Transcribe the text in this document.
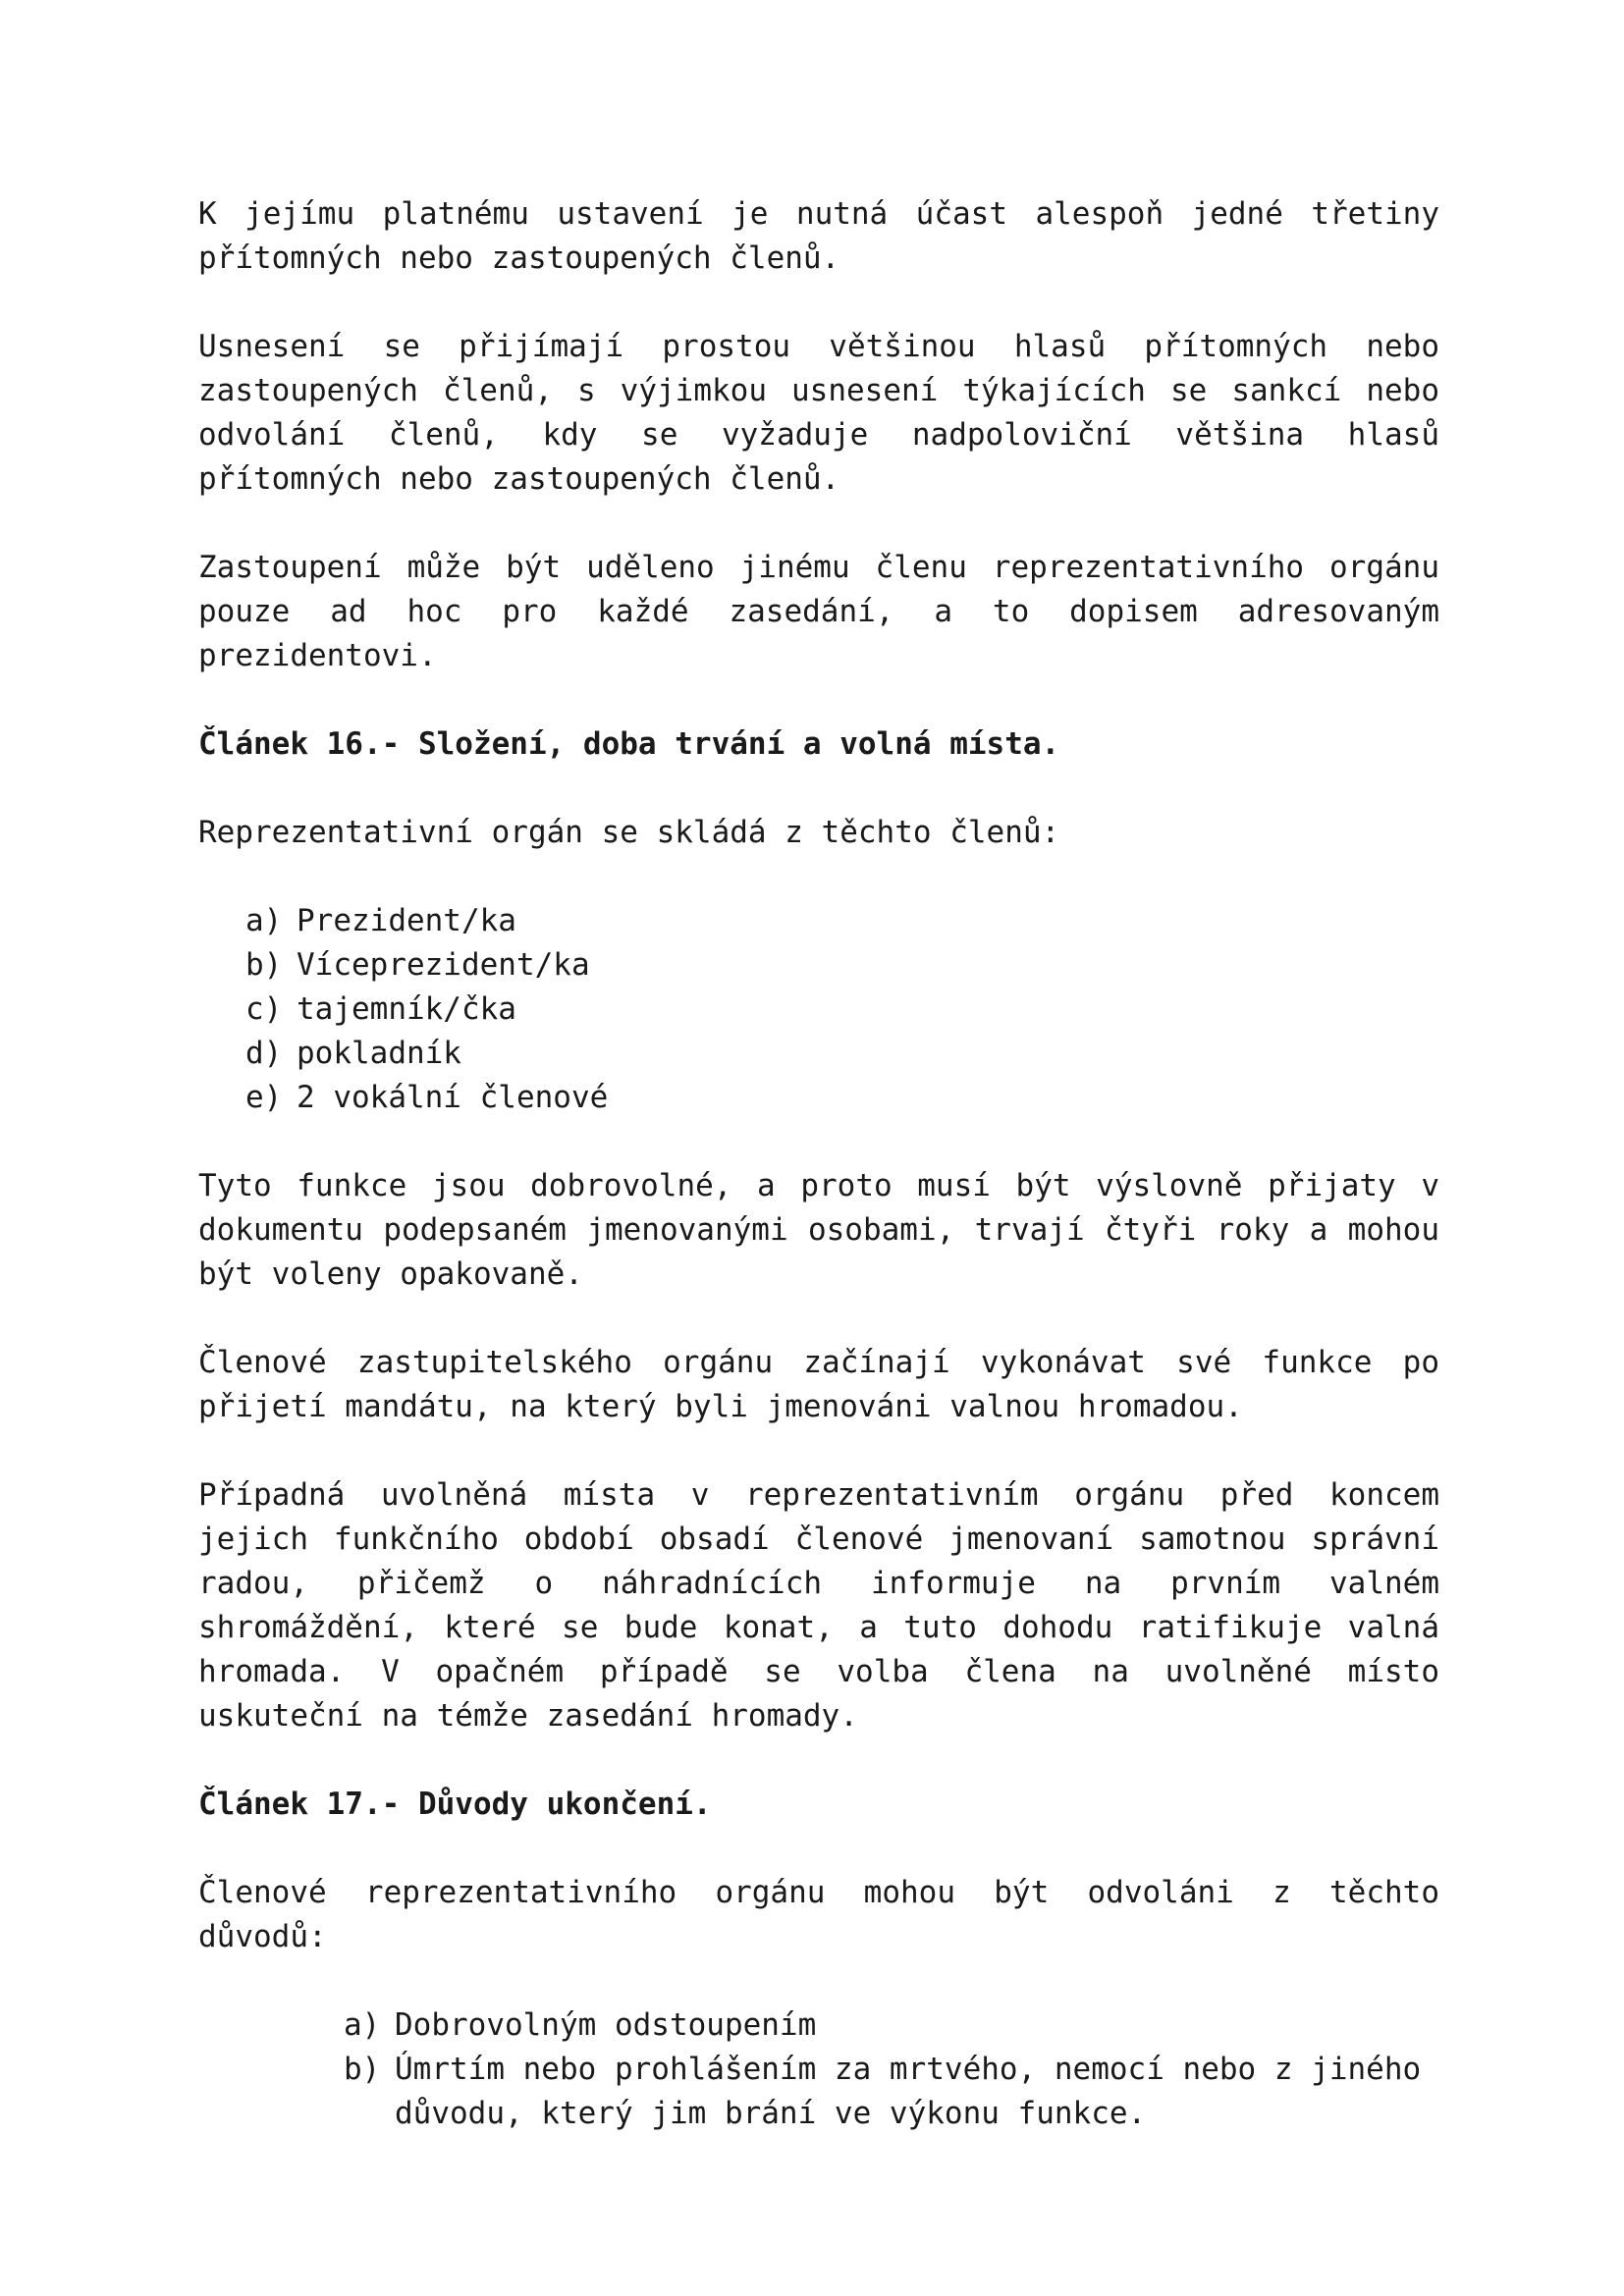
K jejímu platnému ustavení je nutná účast alespoň jedné třetiny přítomných nebo zastoupených členů.

Usnesení se přijímají prostou většinou hlasů přítomných nebo zastoupených členů, s výjimkou usnesení týkajících se sankcí nebo odvolání členů, kdy se vyžaduje nadpoloviční většina hlasů přítomných nebo zastoupených členů.

Zastoupení může být uděleno jinému členu reprezentativního orgánu pouze ad hoc pro každé zasedání, a to dopisem adresovaným prezidentovi.

Článek 16.- Složení, doba trvání a volná místa.

Reprezentativní orgán se skládá z těchto členů:

a) Prezident/ka
b) Víceprezident/ka
c) tajemník/čka
d) pokladník
e) 2 vokální členové

Tyto funkce jsou dobrovolné, a proto musí být výslovně přijaty v dokumentu podepsaném jmenovanými osobami, trvají čtyři roky a mohou být voleny opakovaně.

Členové zastupitelského orgánu začínají vykonávat své funkce po přijetí mandátu, na který byli jmenováni valnou hromadou.

Případná uvolněná místa v reprezentativním orgánu před koncem jejich funkčního období obsadí členové jmenovaní samotnou správní radou, přičemž o náhradnících informuje na prvním valném shromáždění, které se bude konat, a tuto dohodu ratifikuje valná hromada. V opačném případě se volba člena na uvolněné místo uskuteční na témže zasedání hromady.

Článek 17.- Důvody ukončení.

Členové reprezentativního orgánu mohou být odvoláni z těchto důvodů:

a) Dobrovolným odstoupením
b) Úmrtím nebo prohlášením za mrtvého, nemocí nebo z jiného důvodu, který jim brání ve výkonu funkce.
